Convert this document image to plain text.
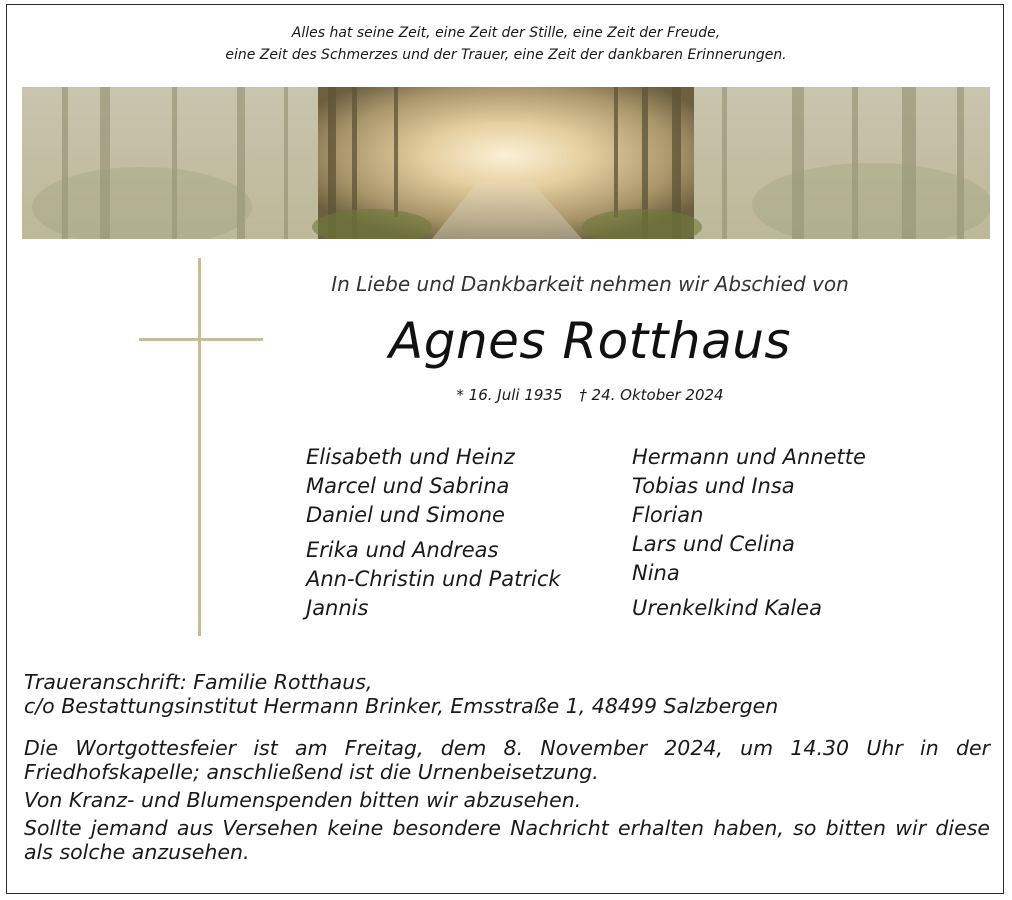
Alles hat seine Zeit, eine Zeit der Stille, eine Zeit der Freude,
eine Zeit des Schmerzes und der Trauer, eine Zeit der dankbaren Erinnerungen.
In Liebe und Dankbarkeit nehmen wir Abschied von
Agnes Rotthaus
* 16. Juli 1935 † 24. Oktober 2024
Elisabeth und Heinz
Marcel und Sabrina
Daniel und Simone
Erika und Andreas
Ann-Christin und Patrick
Jannis
Hermann und Annette
Tobias und Insa
Florian
Lars und Celina
Nina
Urenkelkind Kalea
Traueranschrift: Familie Rotthaus,
c/o Bestattungsinstitut Hermann Brinker, Emsstraße 1, 48499 Salzbergen

Die Wortgottesfeier ist am Freitag, dem 8. November 2024, um 14.30 Uhr in der Friedhofskapelle; anschließend ist die Urnenbeisetzung.

Von Kranz- und Blumenspenden bitten wir abzusehen.

Sollte jemand aus Versehen keine besondere Nachricht erhalten haben, so bitten wir diese als solche anzusehen.
